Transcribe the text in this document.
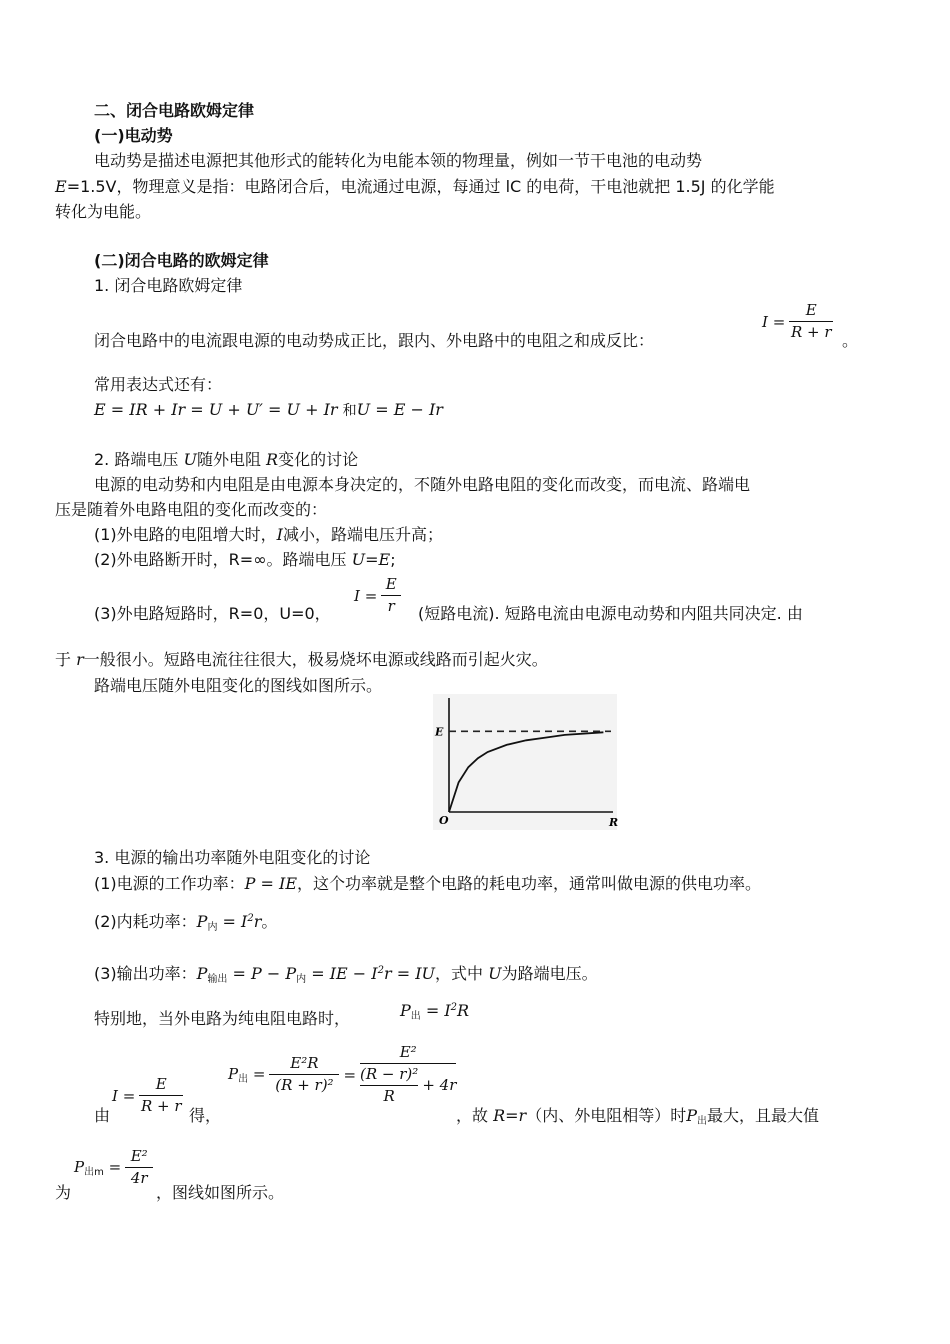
二、闭合电路欧姆定律
(一)电动势
电动势是描述电源把其他形式的能转化为电能本领的物理量，例如一节干电池的电动势
E=1.5V，物理意义是指：电路闭合后，电流通过电源，每通过 lC 的电荷，干电池就把 1.5J 的化学能
转化为电能。
(二)闭合电路的欧姆定律
1. 闭合电路欧姆定律
$I = \frac{E}{R + r}$
闭合电路中的电流跟电源的电动势成正比，跟内、外电路中的电阻之和成反比：	。
常用表达式还有：
E = IR + Ir = U + U′ = U + Ir 和U = E − Ir
2. 路端电压 U随外电阻 R变化的讨论
电源的电动势和内电阻是由电源本身决定的，不随外电路电阻的变化而改变，而电流、路端电
压是随着外电路电阻的变化而改变的：
(1)外电路的电阻增大时，I减小，路端电压升高；
(2)外电路断开时，R=∞。路端电压 U=E;
(3)外电路短路时，R=0，U=0，
$I = \frac{E}{r}$ (短路电流). 短路电流由电源电动势和内阻共同决定. 由
于 r一般很小。短路电流往往很大，极易烧坏电源或线路而引起火灾。
路端电压随外电阻变化的图线如图所示。
E
O	R
3. 电源的输出功率随外电阻变化的讨论
(1)电源的工作功率：P = IE，这个功率就是整个电路的耗电功率，通常叫做电源的供电功率。
(2)内耗功率：$P_内 = I^2r$。
(3)输出功率：$P_{输出} = P - P_内$ = IE − $I^2r$ = IU，式中 U为路端电压。
特别地，当外电路为纯电阻电路时，	$P_出 = I^2R$
由
$I = \frac{E}{R + r}$ 得，
$P_出 = \frac{\text{E²R}}{\text{(R + r)²}} = \frac{\text{E²}}{\frac{\text{(R − r)²}}{R} + 4r}$
，故 R=r（内、外电阻相等）时$P_出$最大，且最大值
为
$P_{出m} = \frac{\text{E²}}{4r}$
，图线如图所示。
